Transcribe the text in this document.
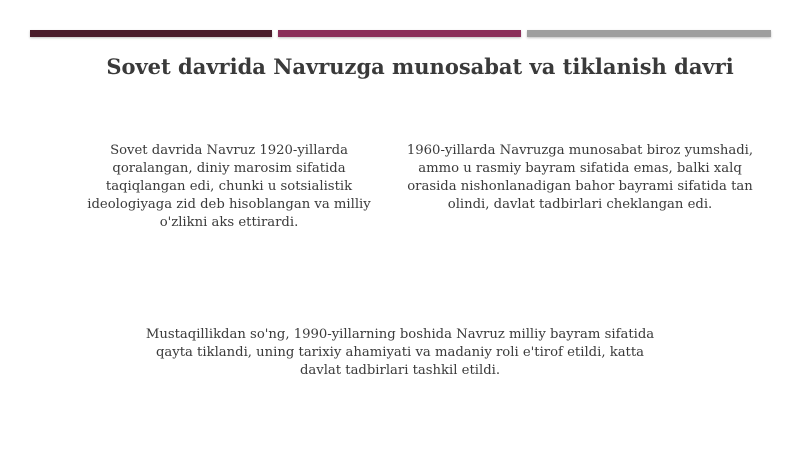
Sovet davrida Navruzga munosabat va tiklanish davri
Sovet davrida Navruz 1920-yillarda qoralangan, diniy marosim sifatida taqiqlangan edi, chunki u sotsialistik ideologiyaga zid deb hisoblangan va milliy o'zlikni aks ettirardi.
1960-yillarda Navruzga munosabat biroz yumshadi, ammo u rasmiy bayram sifatida emas, balki xalq orasida nishonlanadigan bahor bayrami sifatida tan olindi, davlat tadbirlari cheklangan edi.
Mustaqillikdan so'ng, 1990-yillarning boshida Navruz milliy bayram sifatida qayta tiklandi, uning tarixiy ahamiyati va madaniy roli e'tirof etildi, katta davlat tadbirlari tashkil etildi.
